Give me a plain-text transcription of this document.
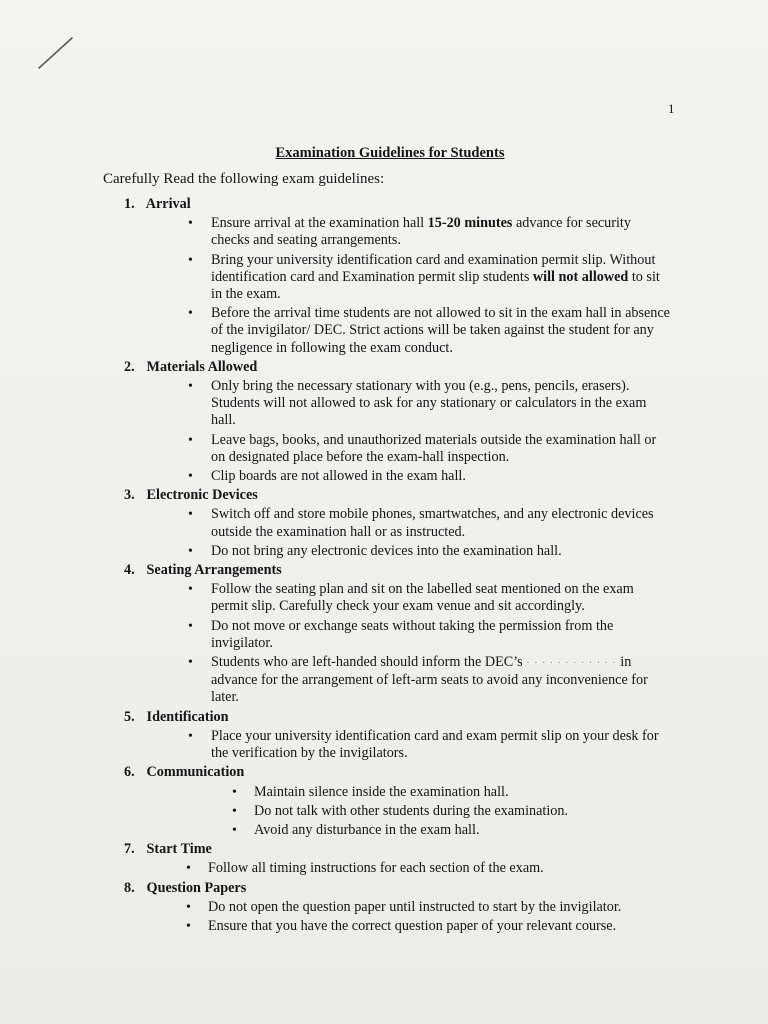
1
Examination Guidelines for Students
Carefully Read the following exam guidelines:
1. Arrival
• Ensure arrival at the examination hall 15-20 minutes advance for security checks and seating arrangements.
• Bring your university identification card and examination permit slip. Without identification card and Examination permit slip students will not allowed to sit in the exam.
• Before the arrival time students are not allowed to sit in the exam hall in absence of the invigilator/ DEC. Strict actions will be taken against the student for any negligence in following the exam conduct.
2. Materials Allowed
• Only bring the necessary stationary with you (e.g., pens, pencils, erasers). Students will not allowed to ask for any stationary or calculators in the exam hall.
• Leave bags, books, and unauthorized materials outside the examination hall or on designated place before the exam-hall inspection.
• Clip boards are not allowed in the exam hall.
3. Electronic Devices
• Switch off and store mobile phones, smartwatches, and any electronic devices outside the examination hall or as instructed.
• Do not bring any electronic devices into the examination hall.
4. Seating Arrangements
• Follow the seating plan and sit on the labelled seat mentioned on the exam permit slip. Carefully check your exam venue and sit accordingly.
• Do not move or exchange seats without taking the permission from the invigilator.
• Students who are left-handed should inform the DEC’s · · · · · · · · · · · · in advance for the arrangement of left-arm seats to avoid any inconvenience for later.
5. Identification
• Place your university identification card and exam permit slip on your desk for the verification by the invigilators.
6. Communication
• Maintain silence inside the examination hall.
• Do not talk with other students during the examination.
• Avoid any disturbance in the exam hall.
7. Start Time
• Follow all timing instructions for each section of the exam.
8. Question Papers
• Do not open the question paper until instructed to start by the invigilator.
• Ensure that you have the correct question paper of your relevant course.
